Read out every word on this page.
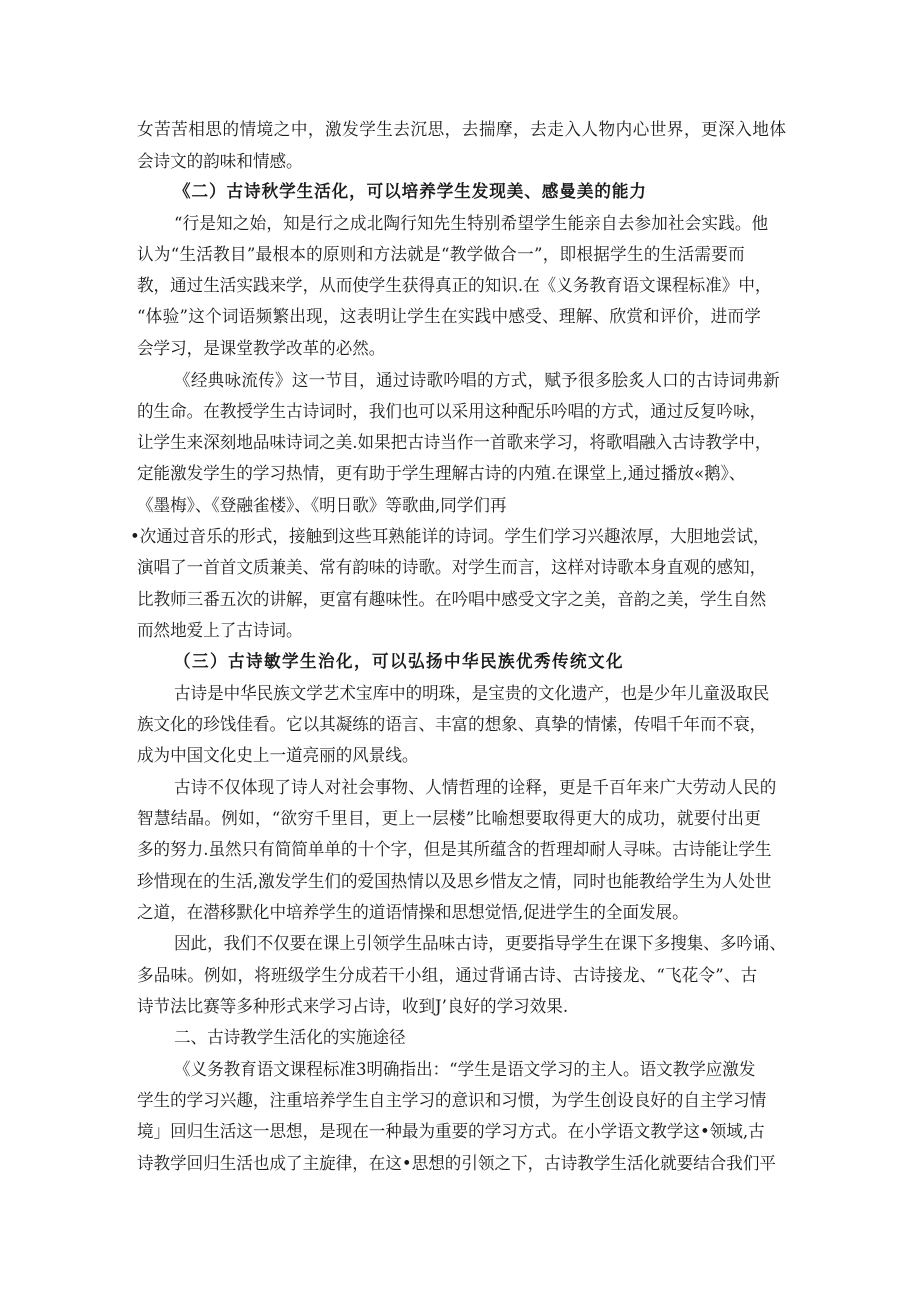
女苦苦相思的情境之中，激发学生去沉思，去揣摩，去走入人物内心世界，更深入地体
会诗文的韵味和情感。
《二）古诗秋学生活化，可以培养学生发现美、感曼美的能力
“行是知之始，知是行之成北陶行知先生特别希望学生能亲自去参加社会实践。他
认为“生活教目”最根本的原则和方法就是“教学做合一”，即根据学生的生活需要而
教，通过生活实践来学，从而使学生获得真正的知识.在《义务教育语文课程标准》中，
“体验”这个词语频繁出现，这表明让学生在实践中感受、理解、欣赏和评价，进而学
会学习，是课堂教学改革的必然。
《经典咏流传》这一节目，通过诗歌吟唱的方式，赋予很多脍炙人口的古诗词弗新
的生命。在教授学生古诗词时，我们也可以采用这种配乐吟唱的方式，通过反复吟咏，
让学生来深刻地品味诗词之美.如果把古诗当作一首歌来学习，将歌唱融入古诗教学中，
定能激发学生的学习热情，更有助于学生理解古诗的内殖.在课堂上,通过播放«鹅》、
《墨梅》、《登融雀楼》、《明日歌》等歌曲,同学们再
•次通过音乐的形式，接触到这些耳熟能详的诗词。学生们学习兴趣浓厚，大胆地尝试，
演唱了一首首文质兼美、常有韵味的诗歌。对学生而言，这样对诗歌本身直观的感知，
比教师三番五次的讲解，更富有趣味性。在吟唱中感受文字之美，音韵之美，学生自然
而然地爱上了古诗词。
（三）古诗敏学生治化，可以弘扬中华民族优秀传统文化
古诗是中华民族文学艺术宝库中的明珠，是宝贵的文化遗产，也是少年儿童汲取民
族文化的珍饯佳看。它以其凝练的语言、丰富的想象、真挚的情愫，传唱千年而不衰，
成为中国文化史上一道亮丽的风景线。
古诗不仅体现了诗人对社会事物、人情哲理的诠释，更是千百年来广大劳动人民的
智慧结晶。例如，“欲穷千里目，更上一层楼”比喻想要取得更大的成功，就要付出更
多的努力.虽然只有简简单单的十个字，但是其所蕴含的哲理却耐人寻味。古诗能让学生
珍惜现在的生活,激发学生们的爱国热情以及思乡惜友之情，同时也能教给学生为人处世
之道，在潜移默化中培养学生的道语情操和思想觉悟,促进学生的全面发展。
因此，我们不仅要在课上引领学生品味古诗，更要指导学生在课下多搜集、多吟诵、
多品味。例如，将班级学生分成若干小组，通过背诵古诗、古诗接龙、“飞花令”、古
诗节法比赛等多种形式来学习占诗，收到J’良好的学习效果.
二、古诗教学生活化的实施途径
《义务教育语文课程标准3明确指出：“学生是语文学习的主人。语文教学应激发
学生的学习兴趣，注重培养学生自主学习的意识和习惯，为学生创设良好的自主学习情
境」回归生活这一思想，是现在一种最为重要的学习方式。在小学语文教学这•领域,古
诗教学回归生活也成了主旋律，在这•思想的引领之下，古诗教学生活化就要结合我们平
